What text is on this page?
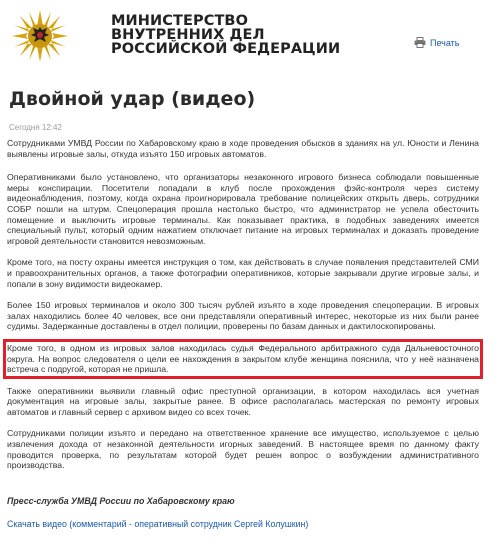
МИНИСТЕРСТВО
ВНУТРЕННИХ ДЕЛ
РОССИЙСКОЙ ФЕДЕРАЦИИ	Печать
Двойной удар (видео)
Сегодня 12:42

Сотрудниками УМВД России по Хабаровскому краю в ходе проведения обысков в зданиях на ул. Юности и Ленина выявлены игровые залы, откуда изъято 150 игровых автоматов.

Оперативниками было установлено, что организаторы незаконного игрового бизнеса соблюдали повышенные меры конспирации. Посетители попадали в клуб после прохождения фэйс-контроля через систему видеонаблюдения, поэтому, когда охрана проигнорировала требование полицейских открыть дверь, сотрудники СОБР пошли на штурм. Спецоперация прошла настолько быстро, что администратор не успела обесточить помещение и выключить игровые терминалы. Как показывает практика, в подобных заведениях имеется специальный пульт, который одним нажатием отключает питание на игровых терминалах и доказать проведение игровой деятельности становится невозможным.

Кроме того, на посту охраны имеется инструкция о том, как действовать в случае появления представителей СМИ и правоохранительных органов, а также фотографии оперативников, которые закрывали другие игровые залы, и попали в зону видимости видеокамер.

Более 150 игровых терминалов и около 300 тысяч рублей изъято в ходе проведения спецоперации. В игровых залах находились более 40 человек, все они представляли оперативный интерес, некоторые из них были ранее судимы. Задержанные доставлены в отдел полиции, проверены по базам данных и дактилоскопированы.

Кроме того, в одном из игровых залов находилась судья Федерального арбитражного суда Дальневосточного округа. На вопрос следователя о цели ее нахождения в закрытом клубе женщина пояснила, что у неё назначена встреча с подругой, которая не пришла.

Также оперативники выявили главный офис преступной организации, в котором находилась вся учетная документация на игровые залы, закрытые ранее. В офисе располагалась мастерская по ремонту игровых автоматов и главный сервер с архивом видео со всех точек.

Сотрудниками полиции изъято и передано на ответственное хранение все имущество, используемое с целью извлечения дохода от незаконной деятельности игорных заведений. В настоящее время по данному факту проводится проверка, по результатам которой будет решен вопрос о возбуждении административного производства.

Пресс-служба УМВД России по Хабаровскому краю
Скачать видео (комментарий - оперативный сотрудник Сергей Колушкин)
